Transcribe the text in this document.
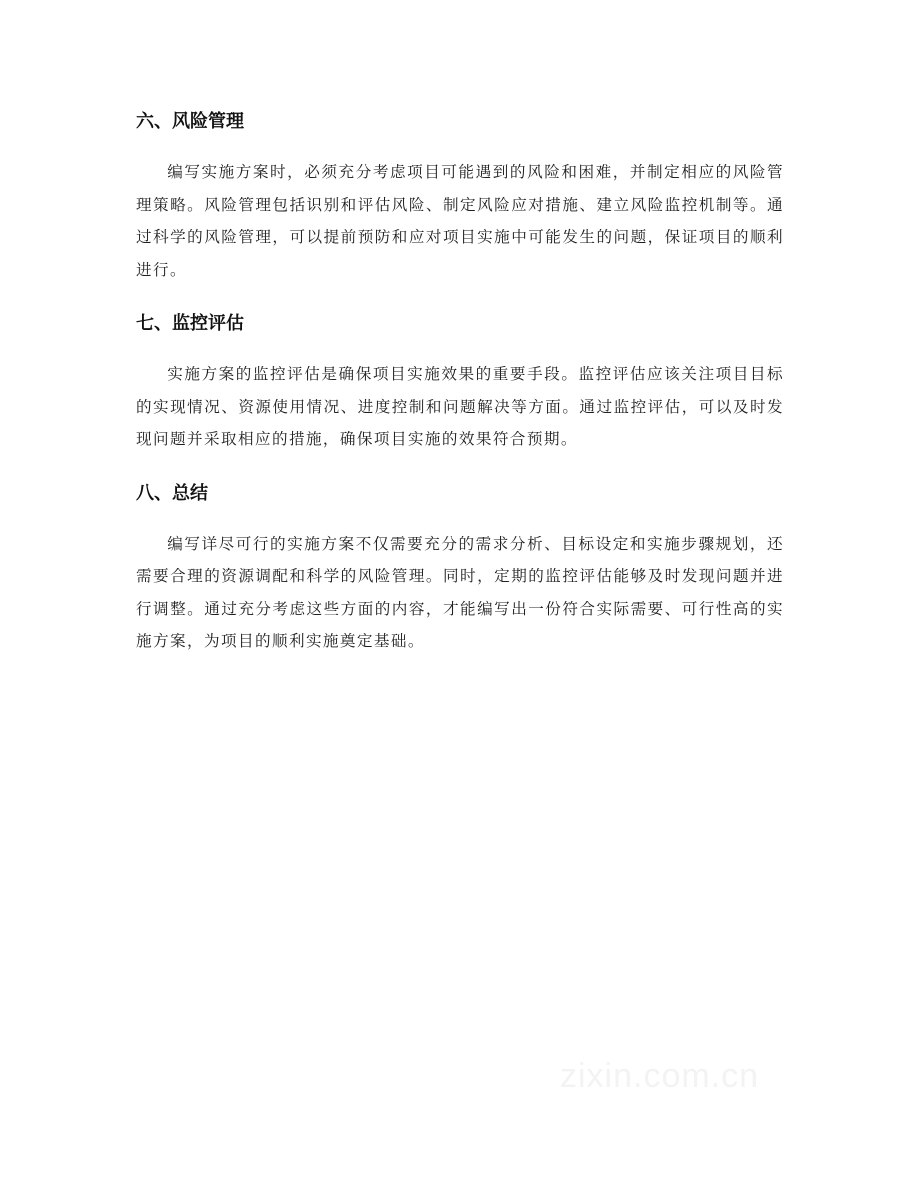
六、风险管理

编写实施方案时，必须充分考虑项目可能遇到的风险和困难，并制定相应的风险管理策略。风险管理包括识别和评估风险、制定风险应对措施、建立风险监控机制等。通过科学的风险管理，可以提前预防和应对项目实施中可能发生的问题，保证项目的顺利进行。

七、监控评估

实施方案的监控评估是确保项目实施效果的重要手段。监控评估应该关注项目目标的实现情况、资源使用情况、进度控制和问题解决等方面。通过监控评估，可以及时发现问题并采取相应的措施，确保项目实施的效果符合预期。

八、总结

编写详尽可行的实施方案不仅需要充分的需求分析、目标设定和实施步骤规划，还需要合理的资源调配和科学的风险管理。同时，定期的监控评估能够及时发现问题并进行调整。通过充分考虑这些方面的内容，才能编写出一份符合实际需要、可行性高的实施方案，为项目的顺利实施奠定基础。

zixin.com.cn
